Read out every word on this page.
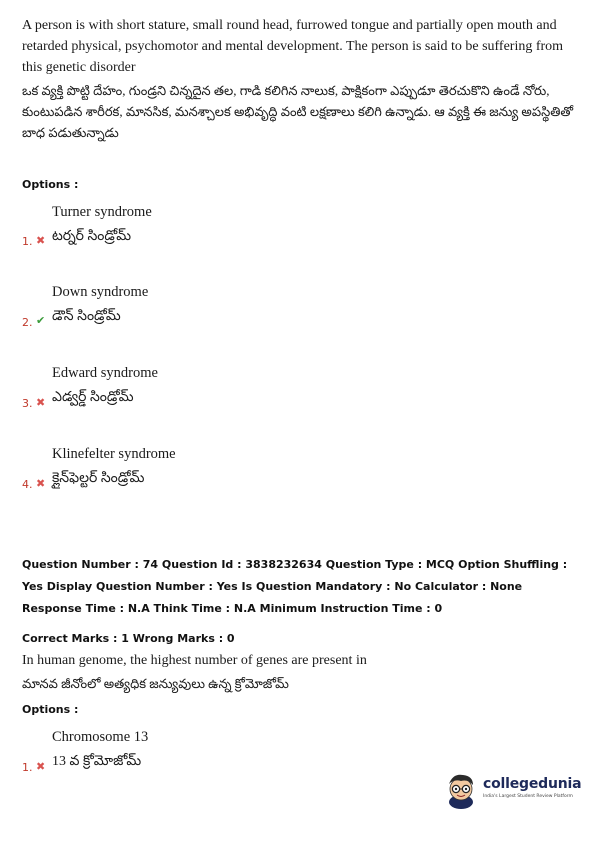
A person is with short stature, small round head, furrowed tongue and partially open mouth and retarded physical, psychomotor and mental development. The person is said to be suffering from this genetic disorder
ఒక వ్యక్తి పొట్టి దేహం, గుండ్రని చిన్నదైన తల, గాడి కలిగిన నాలుక, పాక్షికంగా ఎప్పుడూ తెరచుకొని ఉండే నోరు, కుంటుపడిన శారీరక, మానసిక, మనశ్చాలక అభివృద్ధి వంటి లక్షణాలు కలిగి ఉన్నాడు. ఆ వ్యక్తి ఈ జన్యు అపస్థితితో బాధ పడుతున్నాడు
Options :
Turner syndrome
1. ✖ టర్నర్ సిండ్రోమ్
Down syndrome
2. ✔ డౌన్ సిండ్రోమ్
Edward syndrome
3. ✖ ఎడ్వర్డ్ సిండ్రోమ్
Klinefelter syndrome
4. ✖ క్లైన్‌ఫెల్టర్ సిండ్రోమ్
Question Number : 74 Question Id : 3838232634 Question Type : MCQ Option Shuffling : Yes Display Question Number : Yes Is Question Mandatory : No Calculator : None Response Time : N.A Think Time : N.A Minimum Instruction Time : 0
Correct Marks : 1 Wrong Marks : 0
In human genome, the highest number of genes are present in
మానవ జీనోంలో అత్యధిక జన్యువులు ఉన్న క్రోమోజోమ్
Options :
Chromosome 13
1. ✖ 13 వ క్రోమోజోమ్
collegedunia
India's Largest Student Review Platform
